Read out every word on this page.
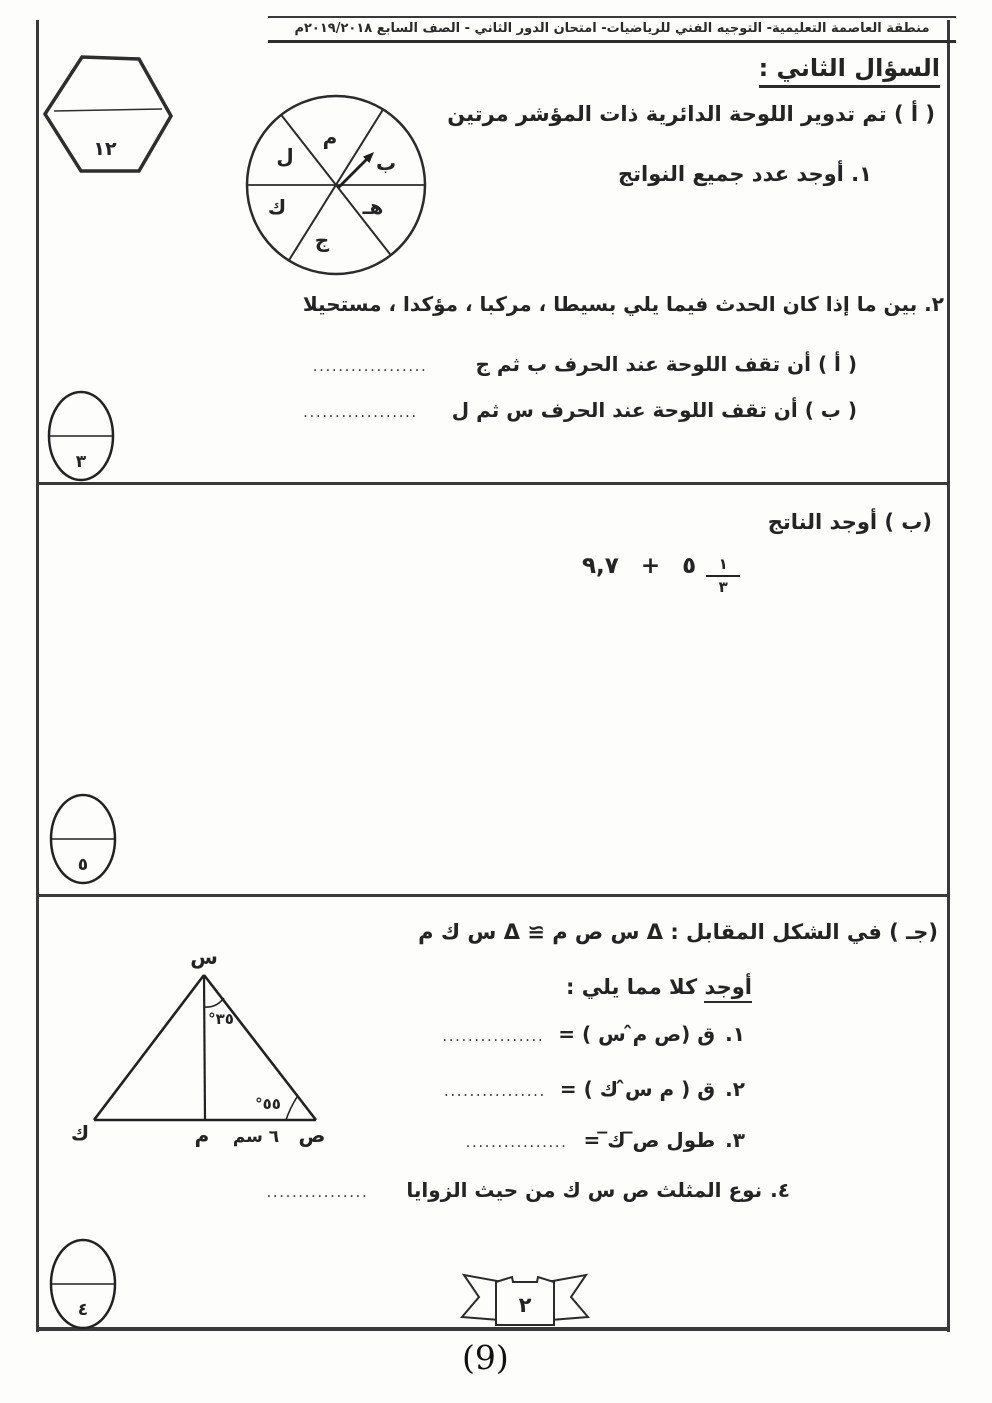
منطقة العاصمة التعليمية- التوجيه الفني للرياضيات- امتحان الدور الثاني - الصف السابع ٢٠١٩/٢٠١٨م
١٢
السؤال الثاني :
م
ب
هـ
ج
ك
ل
( أ ) تم تدوير اللوحة الدائرية ذات المؤشر مرتين
١. أوجد عدد جميع النواتج
٢. بين ما إذا كان الحدث فيما يلي بسيطا ، مركبا ، مؤكدا ، مستحيلا
( أ ) أن تقف اللوحة عند الحرف ب ثم ج
..................
( ب ) أن تقف اللوحة عند الحرف س ثم ل
..................
٣
(ب ) أوجد الناتج
٩,٧ + ٥ $\frac{١}{٣}$
٥
(جـ ) في الشكل المقابل : Δ‏ س ص م ≅ Δ‏ س ك م
أوجد كلا مما يلي :
س
ك	م ٦ سم ص
°٣٥
°٥٥
١.
ق (ص م̂ س ) =
................
٢.
ق ( م س̂ ك ) =
................
٣.
طول ص̅ ك̅ =
................
٤.
نوع المثلث ص س ك من حيث الزوايا
................
٤	٢
(9)
